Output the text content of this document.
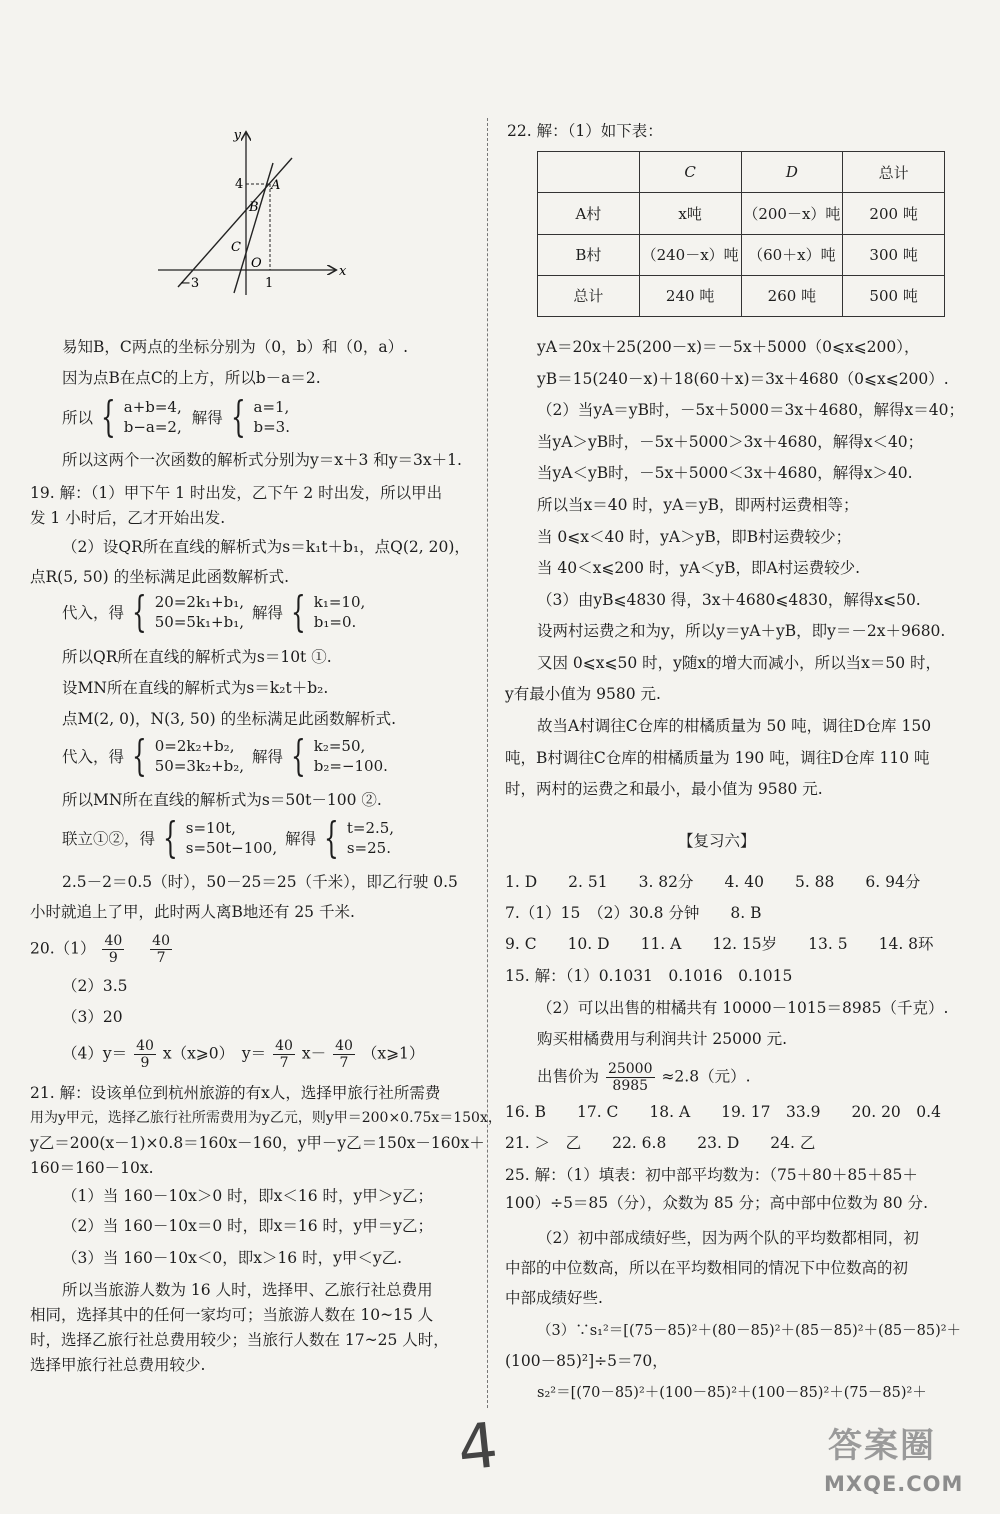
y
x
4
−3	1
O
A
B
C
易知B，C两点的坐标分别为（0，b）和（0，a）.
因为点B在点C的上方，所以b－a＝2.
所以 { a+b=4,
b−a=2, 解得 { a=1,
b=3.
所以这两个一次函数的解析式分别为y＝x＋3 和y＝3x＋1.
19. 解：（1）甲下午 1 时出发，乙下午 2 时出发，所以甲出
发 1 小时后，乙才开始出发.
（2）设QR所在直线的解析式为s＝k₁t＋b₁，点Q(2, 20)，
点R(5, 50) 的坐标满足此函数解析式.
代入，得 { 20=2k₁+b₁,
50=5k₁+b₁, 解得 { k₁=10,
b₁=0.
所以QR所在直线的解析式为s＝10t ①.
设MN所在直线的解析式为s＝k₂t＋b₂.
点M(2, 0)，N(3, 50) 的坐标满足此函数解析式.
代入，得 { 0=2k₂+b₂,
50=3k₂+b₂, 解得 { k₂=50,
b₂=−100.
所以MN所在直线的解析式为s＝50t－100 ②.
联立①②，得 { s=10t,
s=50t−100, 解得 { t=2.5,
s=25.
2.5－2＝0.5（时），50－25＝25（千米），即乙行驶 0.5
小时就追上了甲，此时两人离B地还有 25 千米.
$20.(1) \frac{40}{9}$
$\frac{40}{7}$
（2）3.5
（3）20
$(4)y= \frac{40}{9}$ x（x⩾0）　$y= \frac{40}{7} x- \frac{40}{7}$ （x⩾1）
21. 解：设该单位到杭州旅游的有x人，选择甲旅行社所需费
用为y甲元，选择乙旅行社所需费用为y乙元，则y甲＝200×0.75x＝150x，
y乙＝200(x－1)×0.8＝160x－160，y甲－y乙＝150x－160x＋
160＝160－10x.
（1）当 160－10x＞0 时，即x＜16 时，y甲＞y乙；
（2）当 160－10x＝0 时，即x＝16 时，y甲＝y乙；
（3）当 160－10x＜0，即x＞16 时，y甲＜y乙.
所以当旅游人数为 16 人时，选择甲、乙旅行社总费用
相同，选择其中的任何一家均可；当旅游人数在 10~15 人
时，选择乙旅行社总费用较少；当旅行人数在 17~25 人时，
选择甲旅行社总费用较少.
22. 解：（1）如下表：
	C	D	总计
A村	x吨	（200－x）吨	200 吨
B村	（240－x）吨	（60＋x）吨	300 吨
总计	240 吨	260 吨	500 吨
yA＝20x＋25(200－x)＝－5x＋5000（0⩽x⩽200），
yB＝15(240－x)＋18(60＋x)＝3x＋4680（0⩽x⩽200）.
（2）当yA＝yB时，－5x＋5000＝3x＋4680，解得x＝40；
当yA＞yB时，－5x＋5000＞3x＋4680，解得x＜40；
当yA＜yB时，－5x＋5000＜3x＋4680，解得x＞40.
所以当x＝40 时，yA＝yB，即两村运费相等；
当 0⩽x＜40 时，yA＞yB，即B村运费较少；
当 40＜x⩽200 时，yA＜yB，即A村运费较少.
（3）由yB⩽4830 得，3x＋4680⩽4830，解得x⩽50.
设两村运费之和为y，所以y＝yA＋yB，即y＝－2x＋9680.
又因 0⩽x⩽50 时，y随x的增大而减小，所以当x＝50 时，
y有最小值为 9580 元.
故当A村调往C仓库的柑橘质量为 50 吨，调往D仓库 150
吨，B村调往C仓库的柑橘质量为 190 吨，调往D仓库 110 吨
时，两村的运费之和最小，最小值为 9580 元.
【复习六】
1. D　　2. 51　　3. 82分　　4. 40　　5. 88　　6. 94分
7.（1）15　（2）30.8 分钟　　8. B
9. C　　10. D　　11. A　　12. 15岁　　13. 5　　14. 8环
15. 解：（1）0.1031　0.1016　0.1015
（2）可以出售的柑橘共有 10000－1015＝8985（千克）.
购买柑橘费用与利润共计 25000 元.
出售价为 $\frac{25000}{8985} \approx 2.8$（元）.
16. B　　17. C　　18. A　　19. 17　33.9　　20. 20　0.4
21. ＞　乙　　22. 6.8　　23. D　　24. 乙
25. 解：（1）填表：初中部平均数为：（75＋80＋85＋85＋
100）÷5＝85（分），众数为 85 分；高中部中位数为 80 分.
（2）初中部成绩好些，因为两个队的平均数都相同，初
中部的中位数高，所以在平均数相同的情况下中位数高的初
中部成绩好些.
（3）∵s₁²＝[(75－85)²＋(80－85)²＋(85－85)²＋(85－85)²＋
(100－85)²]÷5＝70，
s₂²＝[(70－85)²＋(100－85)²＋(100－85)²＋(75－85)²＋
4	答案圈
MXQE.COM
